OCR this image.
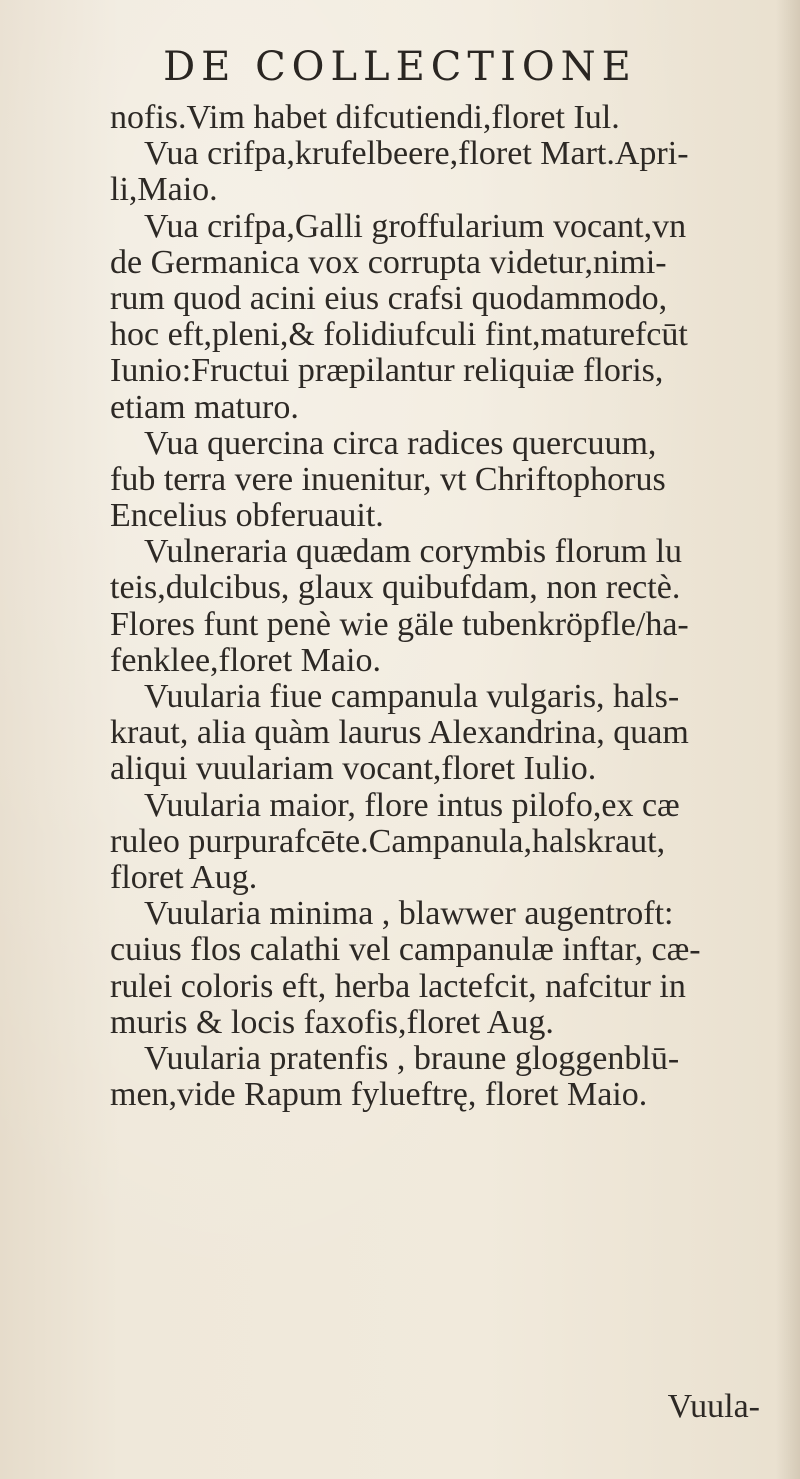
DE COLLECTIONE
nofis.Vim habet difcutiendi,floret Iul.
Vua crifpa,krufelbeere,floret Mart.Apri-
li,Maio.
Vua crifpa,Galli groffularium vocant,vn
de Germanica vox corrupta videtur,nimi-
rum quod acini eius crafsi quodammodo,
hoc eft,pleni,& folidiufculi fint,maturefcūt
Iunio:Fructui præpilantur reliquiæ floris,
etiam maturo.
Vua quercina circa radices quercuum,
fub terra vere inuenitur, vt Chriftophorus
Encelius obferuauit.
Vulneraria quædam corymbis florum lu
teis,dulcibus, glaux quibufdam, non rectè.
Flores funt penè wie gäle tubenkröpfle/ha-
fenklee,floret Maio.
Vuularia fiue campanula vulgaris, hals-
kraut, alia quàm laurus Alexandrina, quam
aliqui vuulariam vocant,floret Iulio.
Vuularia maior, flore intus pilofo,ex cæ
ruleo purpurafcēte.Campanula,halskraut,
floret Aug.
Vuularia minima , blawwer augentroft:
cuius flos calathi vel campanulæ inftar, cæ-
rulei coloris eft, herba lactefcit, nafcitur in
muris & locis faxofis,floret Aug.
Vuularia pratenfis , braune gloggenblū-
men,vide Rapum fylueftrę, floret Maio.
Vuula-
